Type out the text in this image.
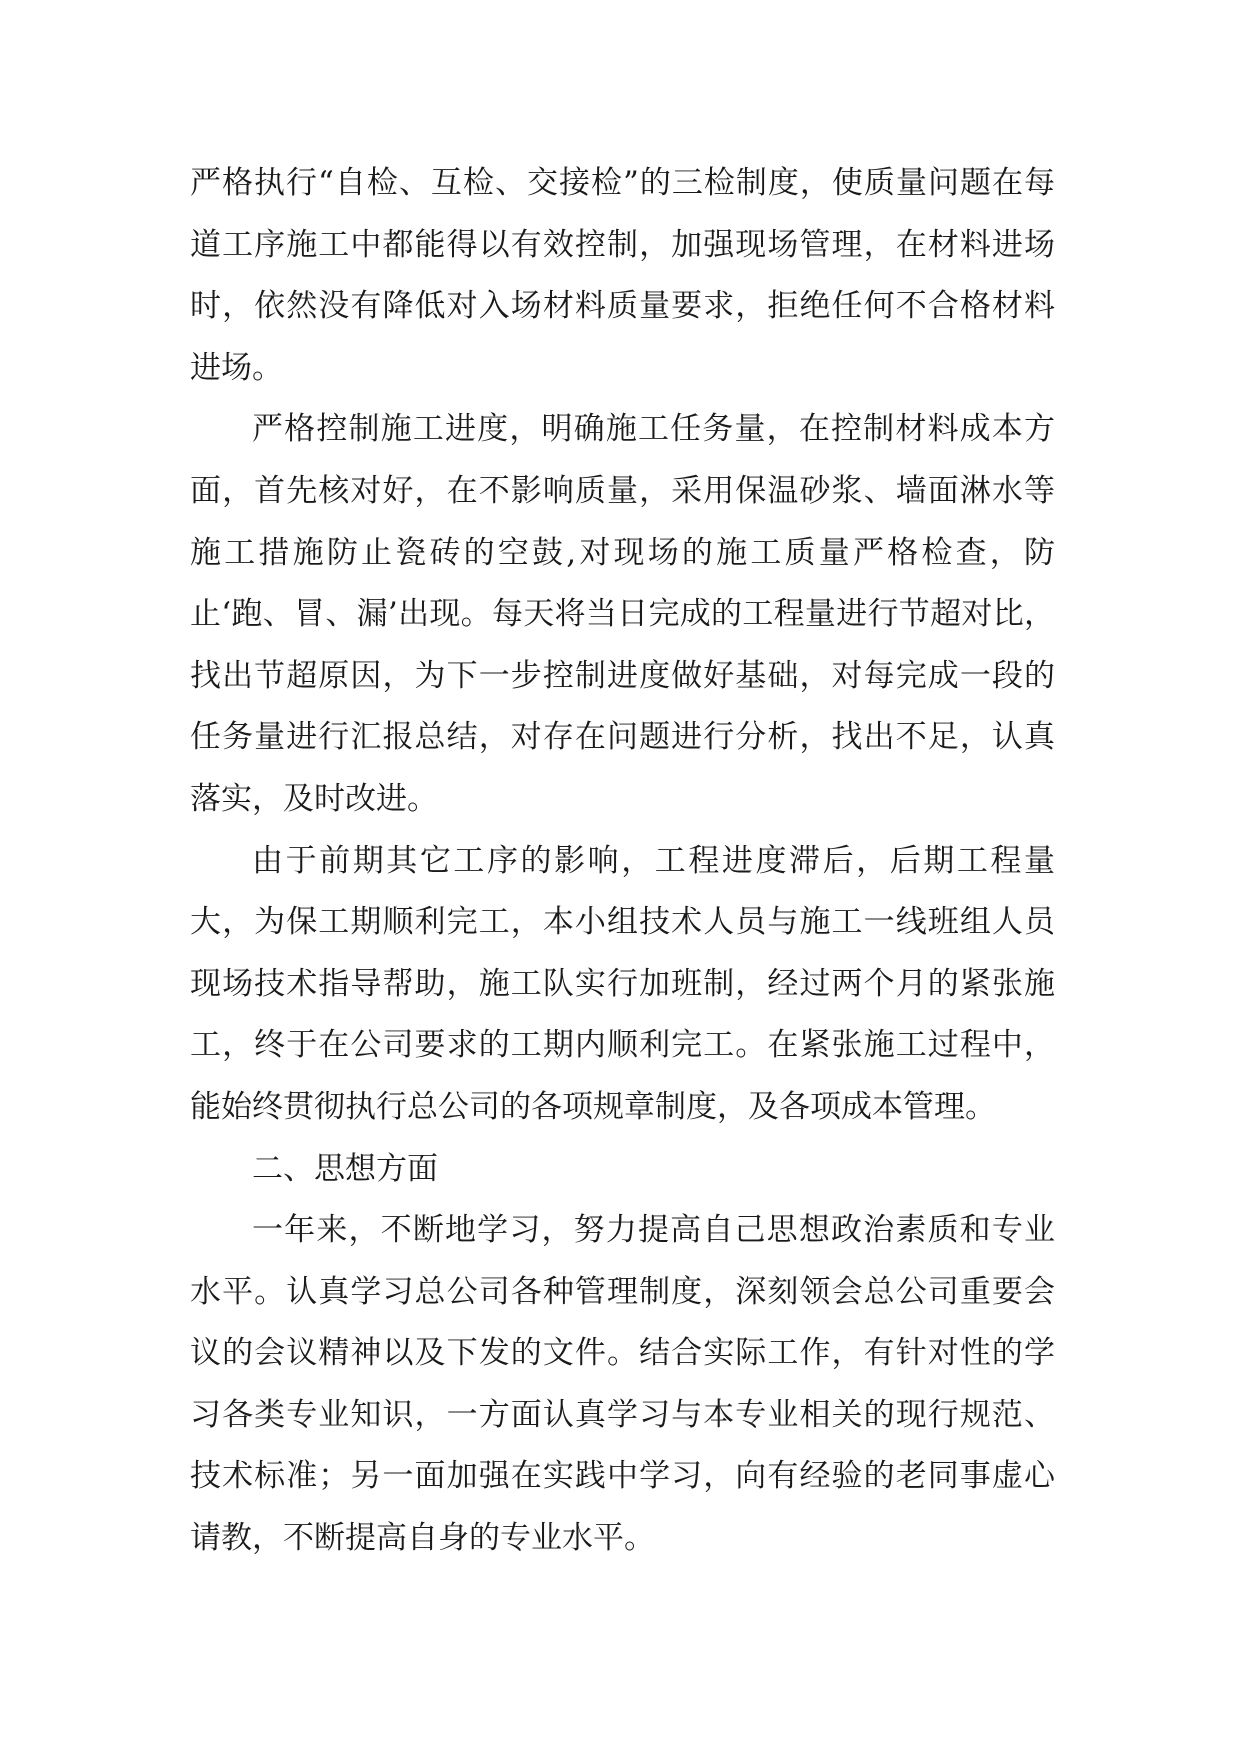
严格执行“自检、互检、交接检”的三检制度，使质量问题在每道工序施工中都能得以有效控制，加强现场管理，在材料进场时，依然没有降低对入场材料质量要求，拒绝任何不合格材料进场。

严格控制施工进度，明确施工任务量，在控制材料成本方面，首先核对好，在不影响质量，采用保温砂浆、墙面淋水等施工措施防止瓷砖的空鼓,对现场的施工质量严格检查，防止‘跑、冒、漏’出现。每天将当日完成的工程量进行节超对比，找出节超原因，为下一步控制进度做好基础，对每完成一段的任务量进行汇报总结，对存在问题进行分析，找出不足，认真落实，及时改进。

由于前期其它工序的影响，工程进度滞后，后期工程量大，为保工期顺利完工，本小组技术人员与施工一线班组人员现场技术指导帮助，施工队实行加班制，经过两个月的紧张施工，终于在公司要求的工期内顺利完工。在紧张施工过程中，能始终贯彻执行总公司的各项规章制度，及各项成本管理。

二、思想方面

一年来，不断地学习，努力提高自己思想政治素质和专业水平。认真学习总公司各种管理制度，深刻领会总公司重要会议的会议精神以及下发的文件。结合实际工作，有针对性的学习各类专业知识，一方面认真学习与本专业相关的现行规范、技术标准；另一面加强在实践中学习，向有经验的老同事虚心请教，不断提高自身的专业水平。
